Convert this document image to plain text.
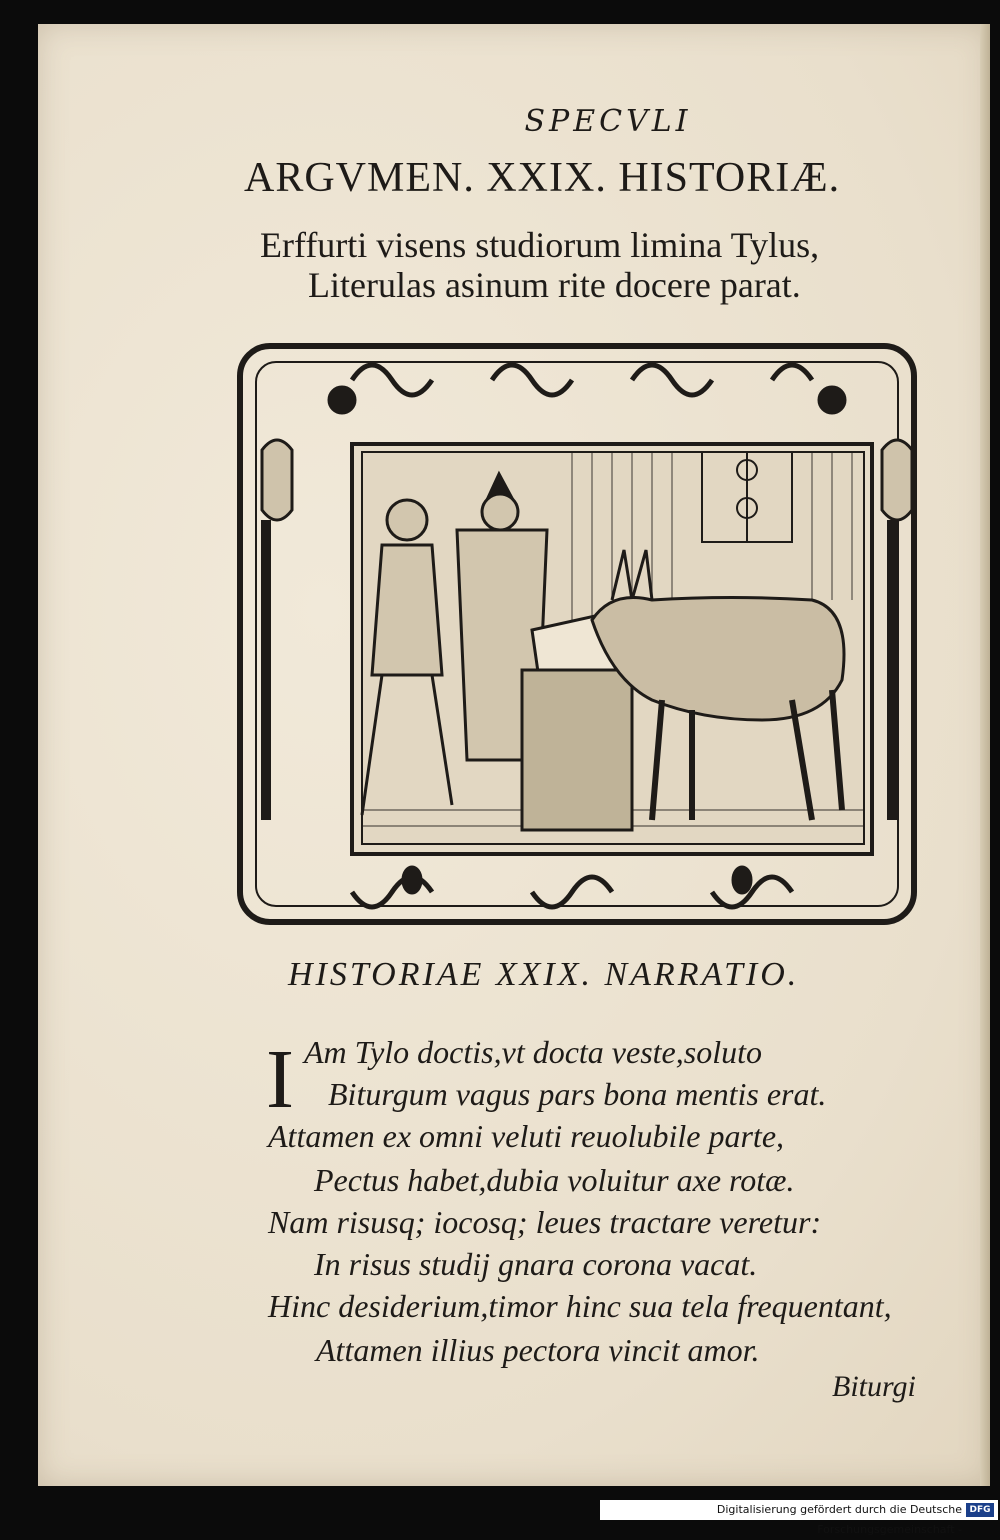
SPECVLI

ARGVMEN. XXIX. HISTORIÆ.

Erffurti visens studiorum limina Tylus,

Literulas asinum rite docere parat.

HISTORIAE XXIX. NARRATIO.

I Am Tylo doctis,vt docta veste,soluto
Biturgum vagus pars bona mentis erat.
Attamen ex omni veluti reuolubile parte,
Pectus habet,dubia voluitur axe rotæ.
Nam risusq; iocosq; leues tractare veretur:
In risus studij gnara corona vacat.
Hinc desiderium,timor hinc sua tela frequentant,
Attamen illius pectora vincit amor.

Biturgi

Digitalisierung gefördert durch die Deutsche Forschungsgemeinschaft -
DFG
